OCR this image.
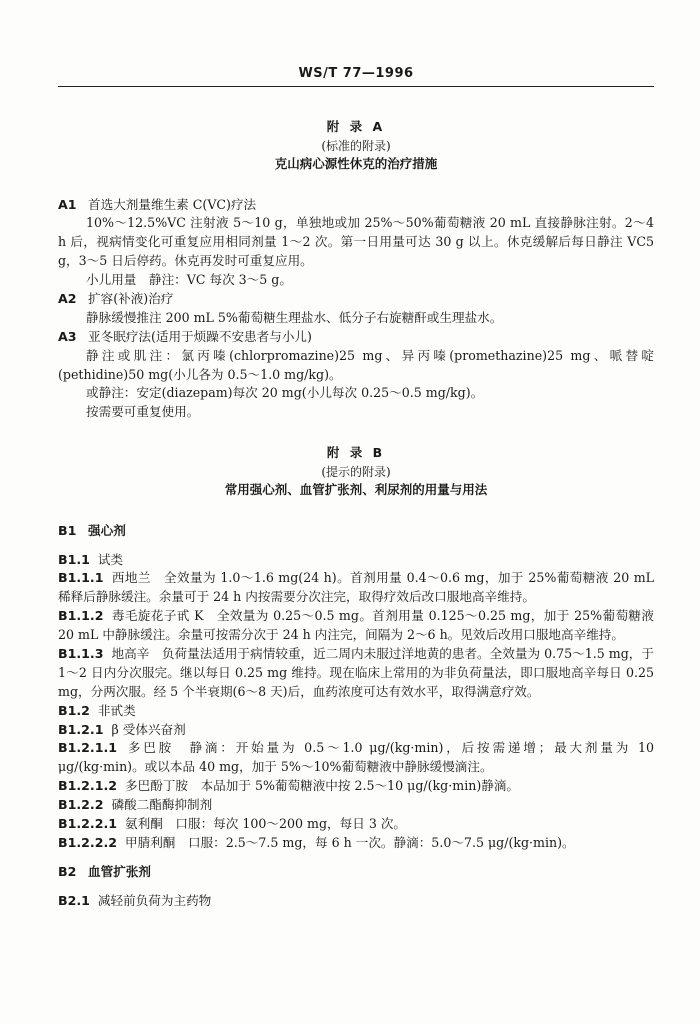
WS/T 77—1996

附 录 A

(标准的附录)

克山病心源性休克的治疗措施

A1 首选大剂量维生素 C(VC)疗法

10%～12.5%VC 注射液 5～10 g，单独地或加 25%～50%葡萄糖液 20 mL 直接静脉注射。2～4 h 后，视病情变化可重复应用相同剂量 1～2 次。第一日用量可达 30 g 以上。休克缓解后每日静注 VC5 g，3～5 日后停药。休克再发时可重复应用。

小儿用量　静注：VC 每次 3～5 g。

A2 扩容(补液)治疗

静脉缓慢推注 200 mL 5%葡萄糖生理盐水、低分子右旋糖酐或生理盐水。

A3 亚冬眠疗法(适用于烦躁不安患者与小儿)

静注或肌注：氯丙嗪(chlorpromazine)25 mg、异丙嗪(promethazine)25 mg、哌替啶(pethidine)50 mg(小儿各为 0.5～1.0 mg/kg)。

或静注：安定(diazepam)每次 20 mg(小儿每次 0.25～0.5 mg/kg)。

按需要可重复使用。

附 录 B

(提示的附录)

常用强心剂、血管扩张剂、利尿剂的用量与用法

B1 强心剂

B1.1 试类

B1.1.1 西地兰　全效量为 1.0～1.6 mg(24 h)。首剂用量 0.4～0.6 mg，加于 25%葡萄糖液 20 mL 稀释后静脉缓注。余量可于 24 h 内按需要分次注完，取得疗效后改口服地高辛维持。

B1.1.2 毒毛旋花子甙 K　全效量为 0.25～0.5 mg。首剂用量 0.125～0.25 mg，加于 25%葡萄糖液 20 mL 中静脉缓注。余量可按需分次于 24 h 内注完，间隔为 2～6 h。见效后改用口服地高辛维持。

B1.1.3 地高辛　负荷量法适用于病情较重，近二周内未服过洋地黄的患者。全效量为 0.75～1.5 mg，于 1～2 日内分次服完。继以每日 0.25 mg 维持。现在临床上常用的为非负荷量法，即口服地高辛每日 0.25 mg，分两次服。经 5 个半衰期(6～8 天)后，血药浓度可达有效水平，取得满意疗效。

B1.2 非甙类

B1.2.1 β 受体兴奋剂

B1.2.1.1 多巴胺　静滴：开始量为 0.5～1.0 μg/(kg·min)，后按需递增；最大剂量为 10 μg/(kg·min)。或以本品 40 mg，加于 5%～10%葡萄糖液中静脉缓慢滴注。

B1.2.1.2 多巴酚丁胺　本品加于 5%葡萄糖液中按 2.5～10 μg/(kg·min)静滴。

B1.2.2 磷酸二酯酶抑制剂

B1.2.2.1 氨利酮　口服：每次 100～200 mg，每日 3 次。

B1.2.2.2 甲腈利酮　口服：2.5～7.5 mg，每 6 h 一次。静滴：5.0～7.5 μg/(kg·min)。

B2 血管扩张剂

B2.1 减轻前负荷为主药物
